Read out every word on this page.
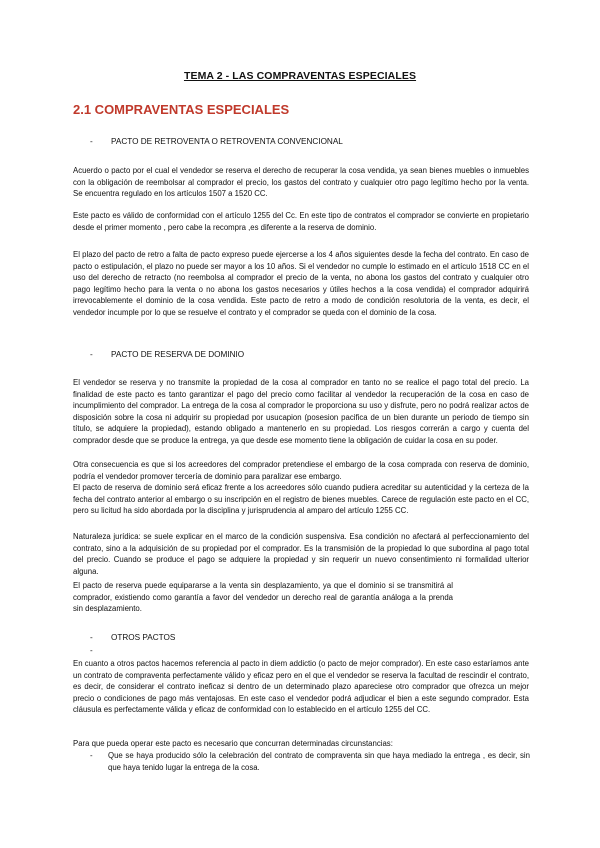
TEMA 2 - LAS COMPRAVENTAS ESPECIALES
2.1 COMPRAVENTAS ESPECIALES
- PACTO DE RETROVENTA O RETROVENTA CONVENCIONAL
Acuerdo o pacto por el cual el vendedor se reserva el derecho de recuperar la cosa vendida, ya sean bienes muebles o inmuebles con la obligación de reembolsar al comprador el precio, los gastos del contrato y cualquier otro pago legítimo hecho por la venta. Se encuentra regulado en los artículos 1507 a 1520 CC.
Este pacto es válido de conformidad con el artículo 1255 del Cc. En este tipo de contratos el comprador se convierte en propietario desde el primer momento , pero cabe la recompra ,es diferente a la reserva de dominio.
El plazo del pacto de retro a falta de pacto expreso puede ejercerse a los 4 años siguientes desde la fecha del contrato. En caso de pacto o estipulación, el plazo no puede ser mayor a los 10 años. Si el vendedor no cumple lo estimado en el artículo 1518 CC en el uso del derecho de retracto (no reembolsa al comprador el precio de la venta, no abona los gastos del contrato y cualquier otro pago legítimo hecho para la venta o no abona los gastos necesarios y útiles hechos a la cosa vendida) el comprador adquirirá irrevocablemente el dominio de la cosa vendida. Este pacto de retro a modo de condición resolutoria de la venta, es decir, el vendedor incumple por lo que se resuelve el contrato y el comprador se queda con el dominio de la cosa.
- PACTO DE RESERVA DE DOMINIO
El vendedor se reserva y no transmite la propiedad de la cosa al comprador en tanto no se realice el pago total del precio. La finalidad de este pacto es tanto garantizar el pago del precio como facilitar al vendedor la recuperación de la cosa en caso de incumplimiento del comprador. La entrega de la cosa al comprador le proporciona su uso y disfrute, pero no podrá realizar actos de disposición sobre la cosa ni adquirir su propiedad por usucapion (posesion pacifica de un bien durante un periodo de tiempo sin título, se adquiere la propiedad), estando obligado a mantenerlo en su propiedad. Los riesgos correrán a cargo y cuenta del comprador desde que se produce la entrega, ya que desde ese momento tiene la obligación de cuidar la cosa en su poder.
Otra consecuencia es que si los acreedores del comprador pretendiese el embargo de la cosa comprada con reserva de dominio, podría el vendedor promover tercería de dominio para paralizar ese embargo.
El pacto de reserva de dominio será eficaz frente a los acreedores sólo cuando pudiera acreditar su autenticidad y la certeza de la fecha del contrato anterior al embargo o su inscripción en el registro de bienes muebles. Carece de regulación este pacto en el CC, pero su licitud ha sido abordada por la disciplina y jurisprudencia al amparo del artículo 1255 CC.
Naturaleza jurídica: se suele explicar en el marco de la condición suspensiva. Esa condición no afectará al perfeccionamiento del contrato, sino a la adquisición de su propiedad por el comprador. Es la transmisión de la propiedad lo que subordina al pago total del precio. Cuando se produce el pago se adquiere la propiedad y sin requerir un nuevo consentimiento ni formalidad ulterior alguna.
El pacto de reserva puede equipararse a la venta sin desplazamiento, ya que el dominio si se transmitirá al comprador, existiendo como garantía a favor del vendedor un derecho real de garantía análoga a la prenda sin desplazamiento.
- OTROS PACTOS
-
En cuanto a otros pactos hacemos referencia al pacto in diem addictio (o pacto de mejor comprador). En este caso estaríamos ante un contrato de compraventa perfectamente válido y eficaz pero en el que el vendedor se reserva la facultad de rescindir el contrato, es decir, de considerar el contrato ineficaz si dentro de un determinado plazo apareciese otro comprador que ofrezca un mejor precio o condiciones de pago más ventajosas. En este caso el vendedor podrá adjudicar el bien a este segundo comprador. Esta cláusula es perfectamente válida y eficaz de conformidad con lo establecido en el artículo 1255 del CC.
Para que pueda operar este pacto es necesario que concurran determinadas circunstancias:
- Que se haya producido sólo la celebración del contrato de compraventa sin que haya mediado la entrega , es decir, sin que haya tenido lugar la entrega de la cosa.
